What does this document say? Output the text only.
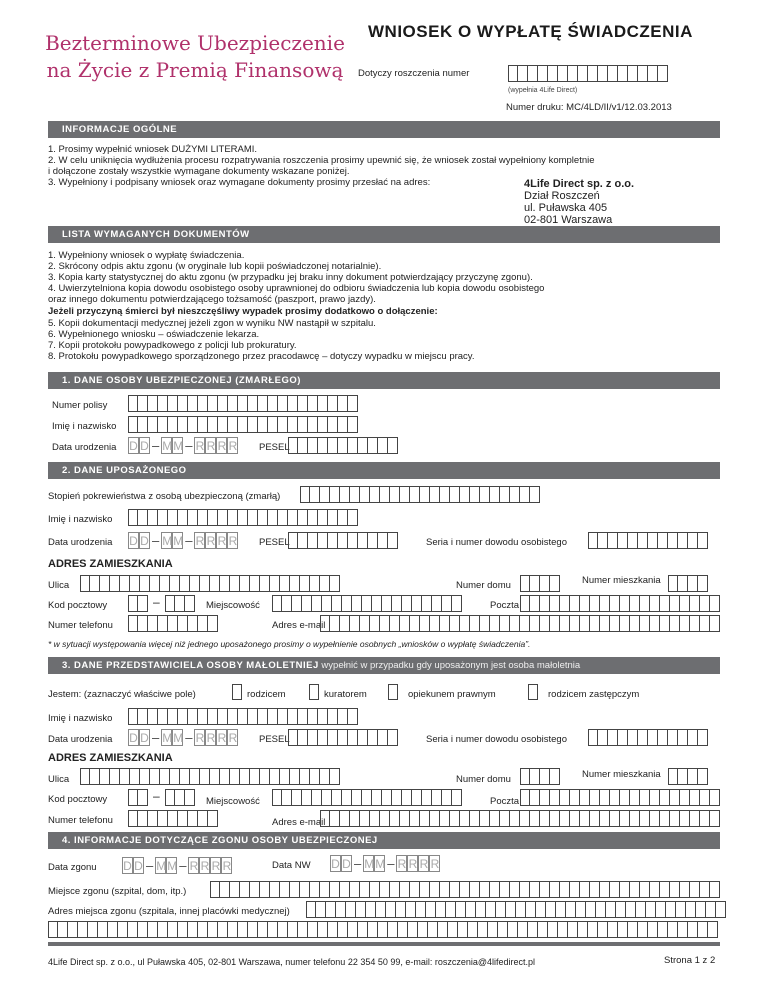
Bezterminowe Ubezpieczenie
na Życie z Premią Finansową
WNIOSEK O WYPŁATĘ ŚWIADCZENIA
Dotyczy roszczenia numer
(wypełnia 4Life Direct)
Numer druku: MC/4LD/II/v1/12.03.2013
INFORMACJE OGÓLNE
1. Prosimy wypełnić wniosek DUŻYMI LITERAMI.
2. W celu uniknięcia wydłużenia procesu rozpatrywania roszczenia prosimy upewnić się, że wniosek został wypełniony kompletnie
i dołączone zostały wszystkie wymagane dokumenty wskazane poniżej.
3. Wypełniony i podpisany wniosek oraz wymagane dokumenty prosimy przesłać na adres:	4Life Direct sp. z o.o.
Dział Roszczeń
ul. Puławska 405
02-801 Warszawa
LISTA WYMAGANYCH DOKUMENTÓW
1. Wypełniony wniosek o wypłatę świadczenia.
2. Skrócony odpis aktu zgonu (w oryginale lub kopii poświadczonej notarialnie).
3. Kopia karty statystycznej do aktu zgonu (w przypadku jej braku inny dokument potwierdzający przyczynę zgonu).
4. Uwierzytelniona kopia dowodu osobistego osoby uprawnionej do odbioru świadczenia lub kopia dowodu osobistego
oraz innego dokumentu potwierdzającego tożsamość (paszport, prawo jazdy).
Jeżeli przyczyną śmierci był nieszczęśliwy wypadek prosimy dodatkowo o dołączenie:
5. Kopii dokumentacji medycznej jeżeli zgon w wyniku NW nastąpił w szpitalu.
6. Wypełnionego wniosku – oświadczenie lekarza.
7. Kopii protokołu powypadkowego z policji lub prokuratury.
8. Protokołu powypadkowego sporządzonego przez pracodawcę – dotyczy wypadku w miejscu pracy.
1. DANE OSOBY UBEZPIECZONEJ (ZMARŁEGO)
Numer polisy
Imię i nazwisko
Data urodzenia D D – M M – R R R R PESEL
2. DANE UPOSAŻONEGO
Stopień pokrewieństwa z osobą ubezpieczoną (zmarłą)
Imię i nazwisko
Data urodzenia D D – M M – R R R R PESEL	Seria i numer dowodu osobistego
ADRES ZAMIESZKANIA
Ulica	Numer domu	Numer mieszkania
Kod pocztowy	–	Miejscowość	Poczta
Numer telefonu	Adres e-mail
* w sytuacji występowania więcej niż jednego uposażonego prosimy o wypełnienie osobnych „wniosków o wypłatę świadczenia”.
3. DANE PRZEDSTAWICIELA OSOBY MAŁOLETNIEJ wypełnić w przypadku gdy uposażonym jest osoba małoletnia
Jestem: (zaznaczyć właściwe pole)	rodzicem	kuratorem	opiekunem prawnym	rodzicem zastępczym
Imię i nazwisko
Data urodzenia D D – M M – R R R R PESEL	Seria i numer dowodu osobistego
ADRES ZAMIESZKANIA
Ulica	Numer domu	Numer mieszkania
Kod pocztowy	–	Miejscowość	Poczta
Numer telefonu	Adres e-mail
4. INFORMACJE DOTYCZĄCE ZGONU OSOBY UBEZPIECZONEJ
Data zgonu D D – M M – R R R R	Data NW D D – M M – R R R R
Miejsce zgonu (szpital, dom, itp.)
Adres miejsca zgonu (szpitala, innej placówki medycznej)
4Life Direct sp. z o.o., ul Puławska 405, 02-801 Warszawa, numer telefonu 22 354 50 99, e-mail: roszczenia@4lifedirect.pl	Strona 1 z 2
